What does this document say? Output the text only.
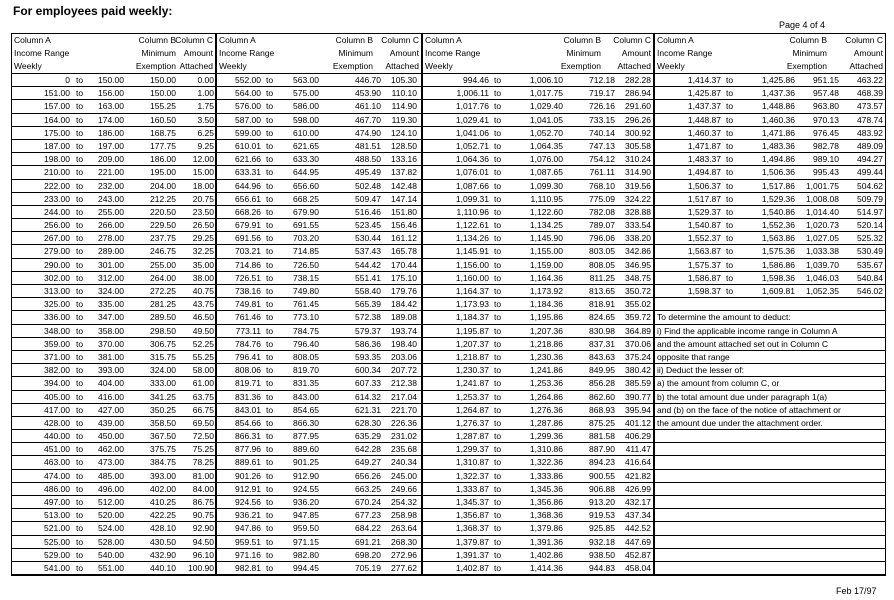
For employees paid weekly:
Page 4 of 4
Feb 17/97
Column A
Income Range
Weekly
Column B
Minimum
Exemption
Column C
Amount
Attached
0 to	150.00	150.00	0.00
151.00 to	156.00	150.00	1.00
157.00 to	163.00	155.25	1.75
164.00 to	174.00	160.50	3.50
175.00 to	186.00	168.75	6.25
187.00 to	197.00	177.75	9.25
198.00 to	209.00	186.00	12.00
210.00 to	221.00	195.00	15.00
222.00 to	232.00	204.00	18.00
233.00 to	243.00	212.25	20.75
244.00 to	255.00	220.50	23.50
256.00 to	266.00	229.50	26.50
267.00 to	278.00	237.75	29.25
279.00 to	289.00	246.75	32.25
290.00 to	301.00	255.00	35.00
302.00 to	312.00	264.00	38.00
313.00 to	324.00	272.25	40.75
325.00 to	335.00	281.25	43.75
336.00 to	347.00	289.50	46.50
348.00 to	358.00	298.50	49.50
359.00 to	370.00	306.75	52.25
371.00 to	381.00	315.75	55.25
382.00 to	393.00	324.00	58.00
394.00 to	404.00	333.00	61.00
405.00 to	416.00	341.25	63.75
417.00 to	427.00	350.25	66.75
428.00 to	439.00	358.50	69.50
440.00 to	450.00	367.50	72.50
451.00 to	462.00	375.75	75.25
463.00 to	473.00	384.75	78.25
474.00 to	485.00	393.00	81.00
486.00 to	496.00	402.00	84.00
497.00 to	512.00	410.25	86.75
513.00 to	520.00	422.25	90.75
521.00 to	524.00	428.10	92.90
525.00 to	528.00	430.50	94.50
529.00 to	540.00	432.90	96.10
541.00 to	551.00	440.10	100.90
Column A
Income Range
Weekly
Column B
Minimum
Exemption
Column C
Amount
Attached
552.00 to	563.00	446.70	105.30
564.00 to	575.00	453.90	110.10
576.00 to	586.00	461.10	114.90
587.00 to	598.00	467.70	119.30
599.00 to	610.00	474.90	124.10
610.01 to	621.65	481.51	128.50
621.66 to	633.30	488.50	133.16
633.31 to	644.95	495.49	137.82
644.96 to	656.60	502.48	142.48
656.61 to	668.25	509.47	147.14
668.26 to	679.90	516.46	151.80
679.91 to	691.55	523.45	156.46
691.56 to	703.20	530.44	161.12
703.21 to	714.85	537.43	165.78
714.86 to	726.50	544.42	170.44
726.51 to	738.15	551.41	175.10
738.16 to	749.80	558.40	179.76
749.81 to	761.45	565.39	184.42
761.46 to	773.10	572.38	189.08
773.11 to	784.75	579.37	193.74
784.76 to	796.40	586.36	198.40
796.41 to	808.05	593.35	203.06
808.06 to	819.70	600.34	207.72
819.71 to	831.35	607.33	212.38
831.36 to	843.00	614.32	217.04
843.01 to	854.65	621.31	221.70
854.66 to	866.30	628.30	226.36
866.31 to	877.95	635.29	231.02
877.96 to	889.60	642.28	235.68
889.61 to	901.25	649.27	240.34
901.26 to	912.90	656.26	245.00
912.91 to	924.55	663.25	249.66
924.56 to	936.20	670.24	254.32
936.21 to	947.85	677.23	258.98
947.86 to	959.50	684.22	263.64
959.51 to	971.15	691.21	268.30
971.16 to	982.80	698.20	272.96
982.81 to	994.45	705.19	277.62
Column A
Income Range
Weekly
Column B
Minimum
Exemption
Column C
Amount
Attached
994.46 to	1,006.10	712.18	282.28
1,006.11 to	1,017.75	719.17	286.94
1,017.76 to	1,029.40	726.16	291.60
1,029.41 to	1,041.05	733.15	296.26
1,041.06 to	1,052.70	740.14	300.92
1,052.71 to	1,064.35	747.13	305.58
1,064.36 to	1,076.00	754.12	310.24
1,076.01 to	1,087.65	761.11	314.90
1,087.66 to	1,099.30	768.10	319.56
1,099.31 to	1,110.95	775.09	324.22
1,110.96 to	1,122.60	782.08	328.88
1,122.61 to	1,134.25	789.07	333.54
1,134.26 to	1,145.90	796.06	338.20
1,145.91 to	1,155.00	803.05	342.86
1,156.00 to	1,159.00	808.05	346.95
1,160.00 to	1,164.36	811.25	348.75
1,164.37 to	1,173.92	813.65	350.72
1,173.93 to	1,184.36	818.91	355.02
1,184.37 to	1,195.86	824.65	359.72
1,195.87 to	1,207.36	830.98	364.89
1,207.37 to	1,218.86	837.31	370.06
1,218.87 to	1,230.36	843.63	375.24
1,230.37 to	1,241.86	849.95	380.42
1,241.87 to	1,253.36	856.28	385.59
1,253.37 to	1,264.86	862.60	390.77
1,264.87 to	1,276.36	868.93	395.94
1,276.37 to	1,287.86	875.25	401.12
1,287.87 to	1,299.36	881.58	406.29
1,299.37 to	1,310.86	887.90	411.47
1,310.87 to	1,322.36	894.23	416.64
1,322.37 to	1,333.86	900.55	421.82
1,333.87 to	1,345.36	906.88	426.99
1,345.37 to	1,356.86	913.20	432.17
1,356.87 to	1,368.36	919.53	437.34
1,368.37 to	1,379.86	925.85	442.52
1,379.87 to	1,391.36	932.18	447.69
1,391.37 to	1,402.86	938.50	452.87
1,402.87 to	1,414.36	944.83	458.04
Column A
Income Range
Weekly
Column B
Minimum
Exemption
Column C
Amount
Attached
1,414.37 to	1,425.86	951.15	463.22
1,425.87 to	1,437.36	957.48	468.39
1,437.37 to	1,448.86	963.80	473.57
1,448.87 to	1,460.36	970.13	478.74
1,460.37 to	1,471.86	976.45	483.92
1,471.87 to	1,483.36	982.78	489.09
1,483.37 to	1,494.86	989.10	494.27
1,494.87 to	1,506.36	995.43	499.44
1,506.37 to	1,517.86	1,001.75	504.62
1,517.87 to	1,529.36	1,008.08	509.79
1,529.37 to	1,540.86	1,014.40	514.97
1,540.87 to	1,552.36	1,020.73	520.14
1,552.37 to	1,563.86	1,027.05	525.32
1,563.87 to	1,575.36	1,033.38	530.49
1,575.37 to	1,586.86	1,039.70	535.67
1,586.87 to	1,598.36	1,046.03	540.84
1,598.37 to	1,609.81	1,052.35	546.02
To determine the amount to deduct:
i) Find the applicable income range in Column A
and the amount attached set out in Column C
opposite that range
ii) Deduct the lesser of:
a) the amount from column C, or
b) the total amount due under paragraph 1(a)
and (b) on the face of the notice of attachment or
the amount due under the attachment order.
